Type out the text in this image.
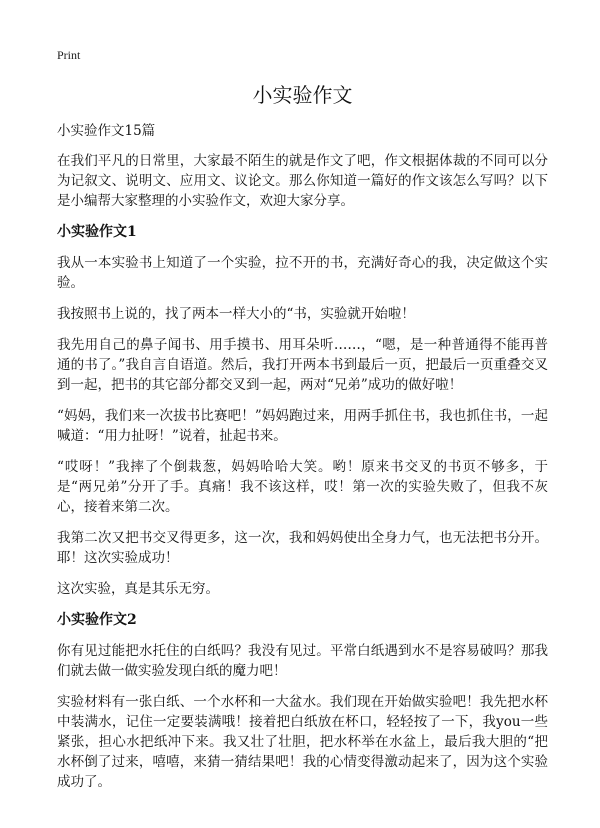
Print
小实验作文
小实验作文15篇

在我们平凡的日常里，大家最不陌生的就是作文了吧，作文根据体裁的不同可以分为记叙文、说明文、应用文、议论文。那么你知道一篇好的作文该怎么写吗？以下是小编帮大家整理的小实验作文，欢迎大家分享。

小实验作文1

我从一本实验书上知道了一个实验，拉不开的书，充满好奇心的我，决定做这个实验。

我按照书上说的，找了两本一样大小的“书，实验就开始啦！

我先用自己的鼻子闻书、用手摸书、用耳朵听……，“嗯，是一种普通得不能再普通的书了。”我自言自语道。然后，我打开两本书到最后一页，把最后一页重叠交叉到一起，把书的其它部分都交叉到一起，两对“兄弟”成功的做好啦！

“妈妈，我们来一次拔书比赛吧！”妈妈跑过来，用两手抓住书，我也抓住书，一起喊道：“用力扯呀！”说着，扯起书来。

“哎呀！”我摔了个倒栽葱，妈妈哈哈大笑。哟！原来书交叉的书页不够多，于是“两兄弟”分开了手。真痛！我不该这样，哎！第一次的实验失败了，但我不灰心，接着来第二次。

我第二次又把书交叉得更多，这一次，我和妈妈使出全身力气，也无法把书分开。耶！这次实验成功！

这次实验，真是其乐无穷。

小实验作文2

你有见过能把水托住的白纸吗？我没有见过。平常白纸遇到水不是容易破吗？那我们就去做一做实验发现白纸的魔力吧！

实验材料有一张白纸、一个水杯和一大盆水。我们现在开始做实验吧！我先把水杯中装满水，记住一定要装满哦！接着把白纸放在杯口，轻轻按了一下，我you一些紧张，担心水把纸冲下来。我又壮了壮胆，把水杯举在水盆上，最后我大胆的“把水杯倒了过来，嘻嘻，来猜一猜结果吧！我的心情变得激动起来了，因为这个实验成功了。
